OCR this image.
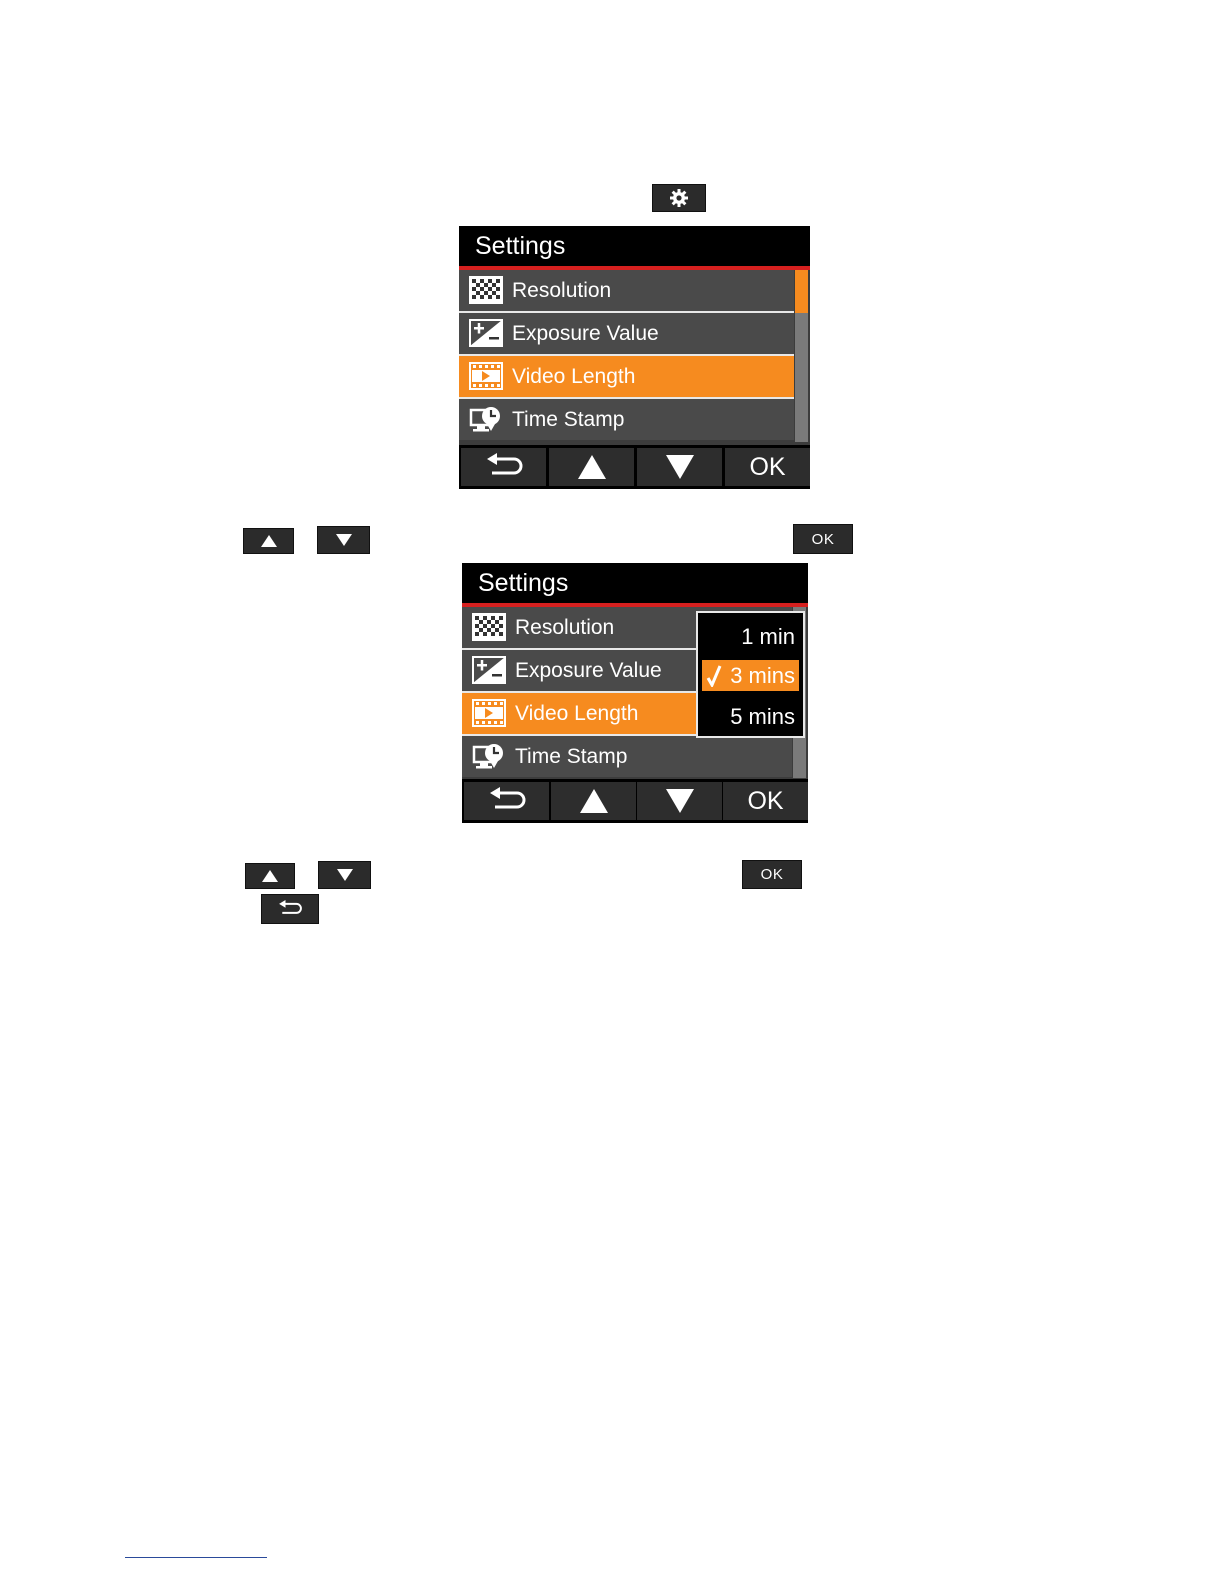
Settings
Resolution
Exposure Value
Video Length
Time Stamp
OK
OK
Settings
Resolution
Exposure Value
Video Length
Time Stamp
OK
1 min
3 mins
5 mins
OK
